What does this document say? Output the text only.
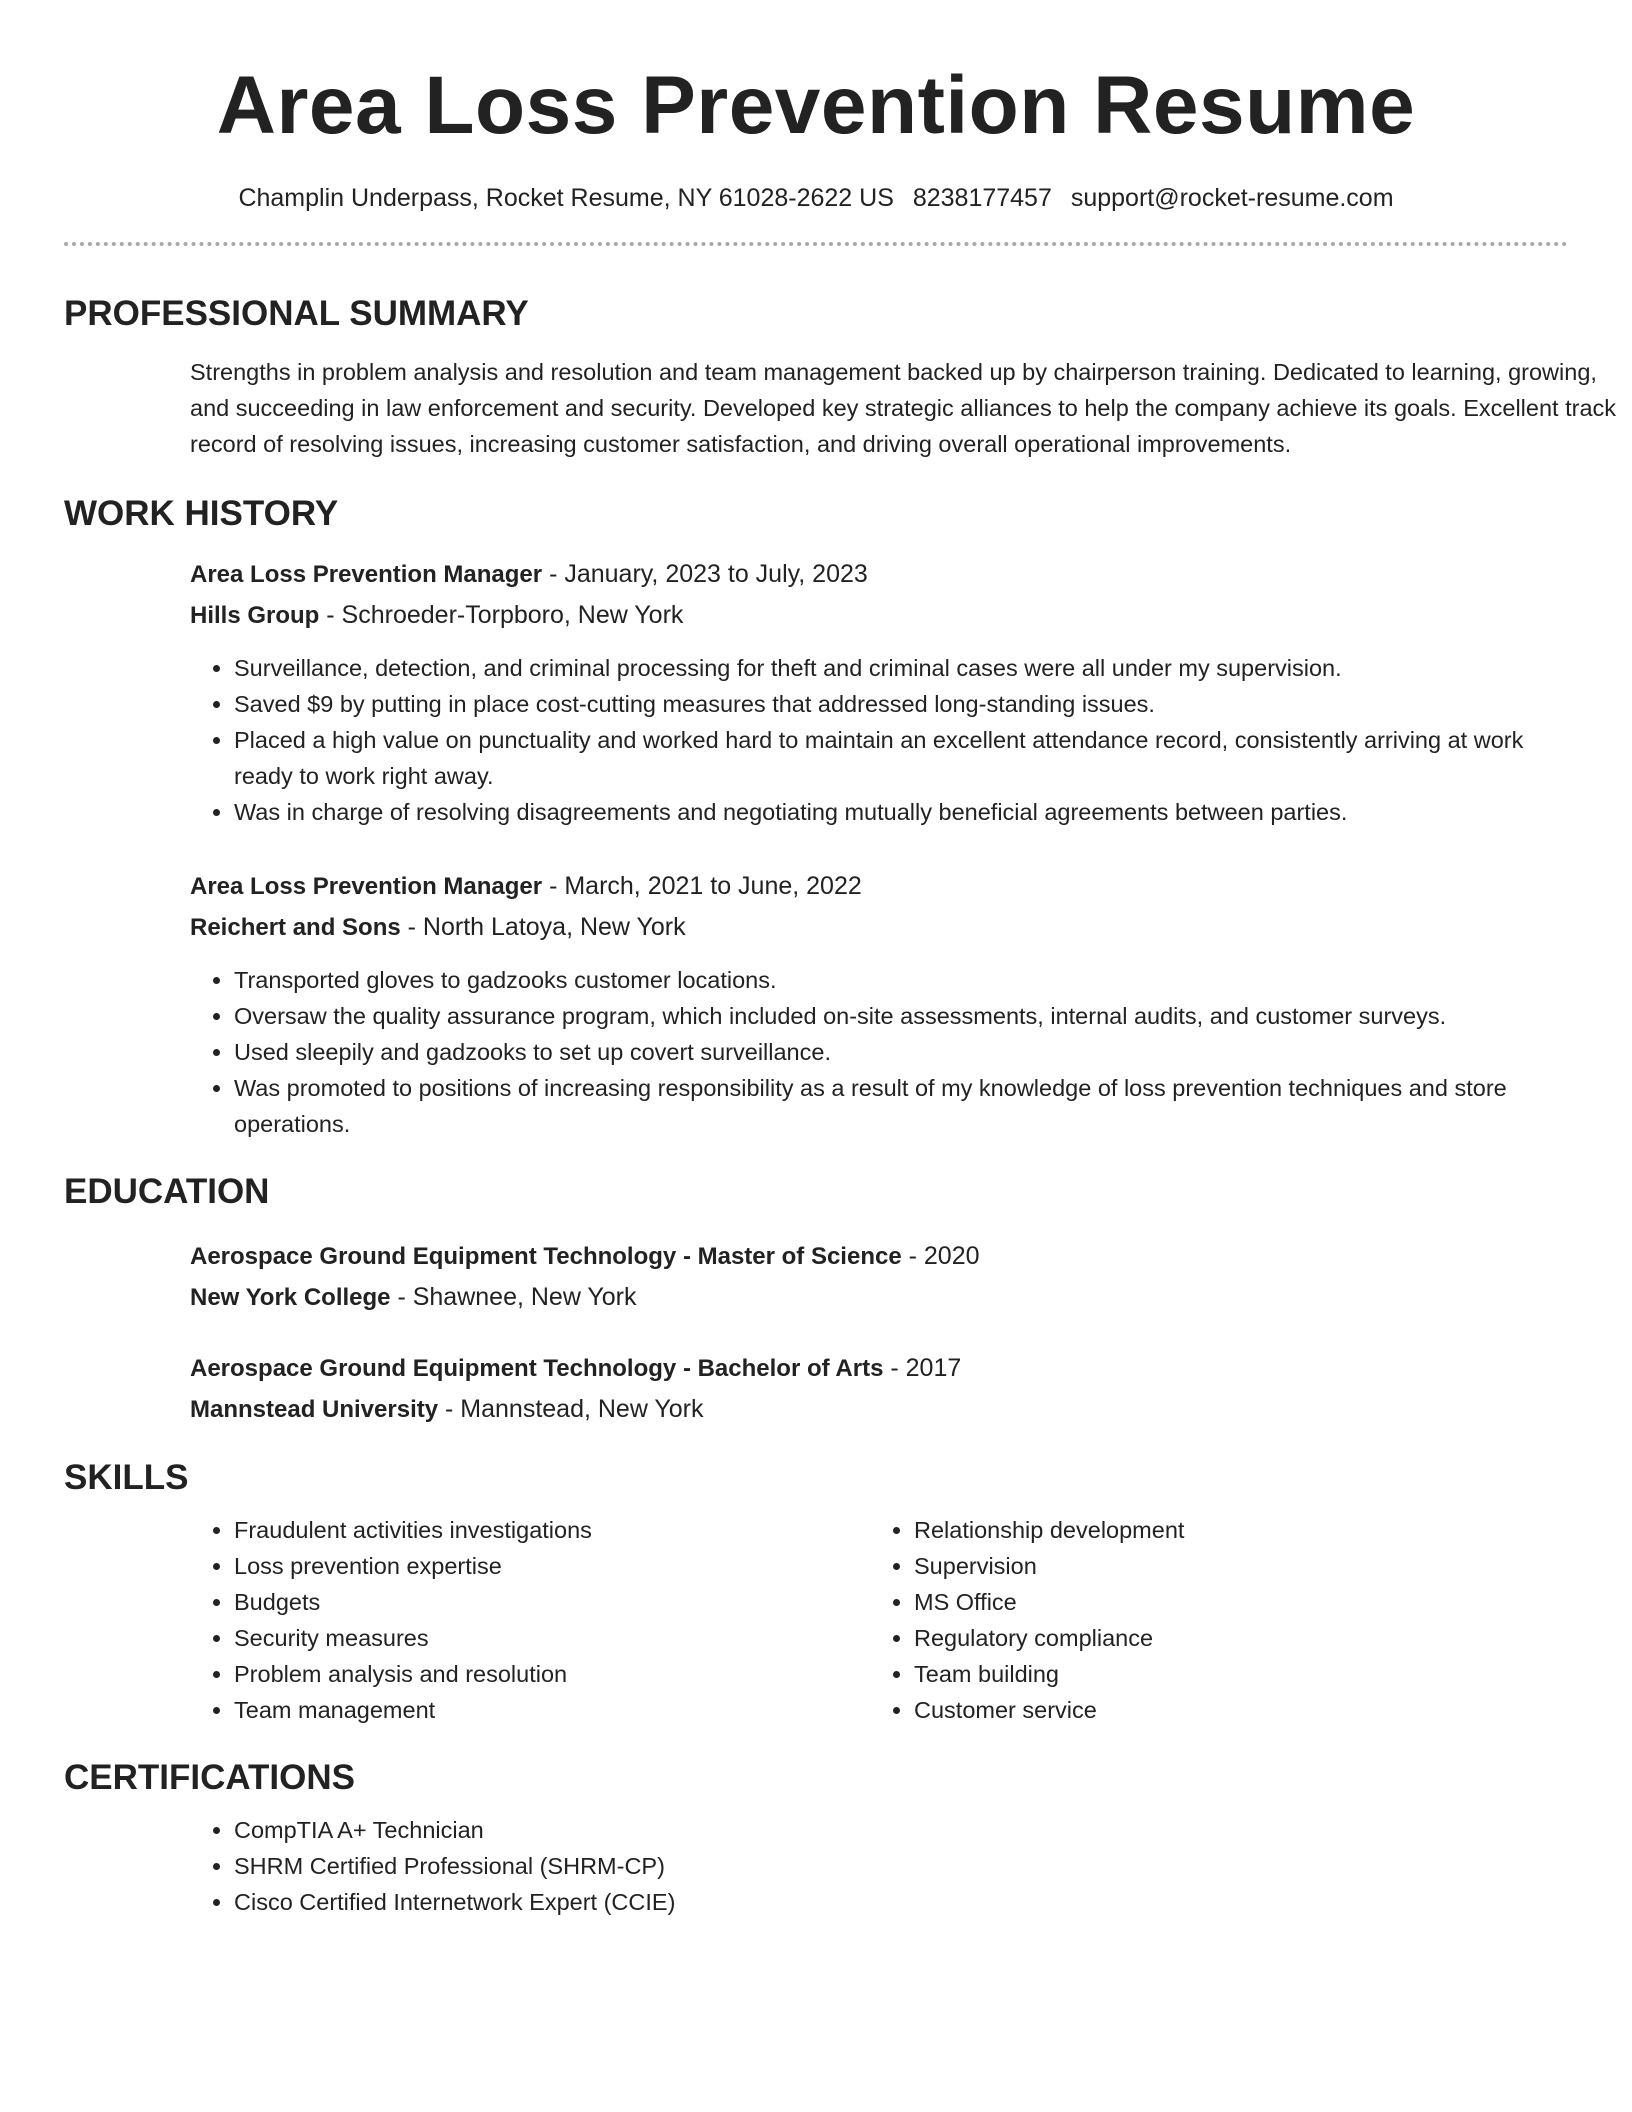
Area Loss Prevention Resume
Champlin Underpass, Rocket Resume, NY 61028-2622 US 8238177457 support@rocket-resume.com
PROFESSIONAL SUMMARY

Strengths in problem analysis and resolution and team management backed up by chairperson training. Dedicated to learning, growing, and succeeding in law enforcement and security. Developed key strategic alliances to help the company achieve its goals. Excellent track record of resolving issues, increasing customer satisfaction, and driving overall operational improvements.

WORK HISTORY
Area Loss Prevention Manager - January, 2023 to July, 2023
Hills Group - Schroeder-Torpboro, New York
• Surveillance, detection, and criminal processing for theft and criminal cases were all under my supervision.
• Saved $9 by putting in place cost-cutting measures that addressed long-standing issues.
• Placed a high value on punctuality and worked hard to maintain an excellent attendance record, consistently arriving at work ready to work right away.
• Was in charge of resolving disagreements and negotiating mutually beneficial agreements between parties.
Area Loss Prevention Manager - March, 2021 to June, 2022
Reichert and Sons - North Latoya, New York
• Transported gloves to gadzooks customer locations.
• Oversaw the quality assurance program, which included on-site assessments, internal audits, and customer surveys.
• Used sleepily and gadzooks to set up covert surveillance.
• Was promoted to positions of increasing responsibility as a result of my knowledge of loss prevention techniques and store operations.
EDUCATION
Aerospace Ground Equipment Technology - Master of Science - 2020
New York College - Shawnee, New York
Aerospace Ground Equipment Technology - Bachelor of Arts - 2017
Mannstead University - Mannstead, New York
SKILLS
• Fraudulent activities investigations
• Loss prevention expertise
• Budgets
• Security measures
• Problem analysis and resolution
• Team management
• Relationship development
• Supervision
• MS Office
• Regulatory compliance
• Team building
• Customer service
CERTIFICATIONS
• CompTIA A+ Technician
• SHRM Certified Professional (SHRM-CP)
• Cisco Certified Internetwork Expert (CCIE)
